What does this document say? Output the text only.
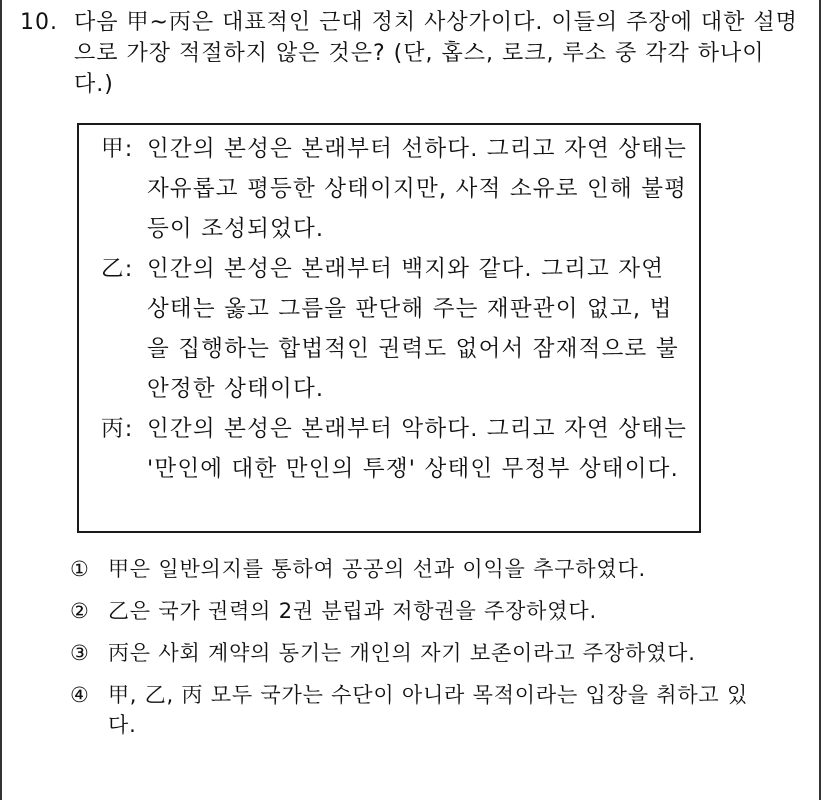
10. 다음 甲~丙은 대표적인 근대 정치 사상가이다. 이들의 주장에 대한 설명으로 가장 적절하지 않은 것은? (단, 홉스, 로크, 루소 중 각각 하나이다.)
甲: 인간의 본성은 본래부터 선하다. 그리고 자연 상태는 자유롭고 평등한 상태이지만, 사적 소유로 인해 불평등이 조성되었다.
乙: 인간의 본성은 본래부터 백지와 같다. 그리고 자연 상태는 옳고 그름을 판단해 주는 재판관이 없고, 법을 집행하는 합법적인 권력도 없어서 잠재적으로 불안정한 상태이다.
丙: 인간의 본성은 본래부터 악하다. 그리고 자연 상태는 '만인에 대한 만인의 투쟁' 상태인 무정부 상태이다.
① 甲은 일반의지를 통하여 공공의 선과 이익을 추구하였다.
② 乙은 국가 권력의 2권 분립과 저항권을 주장하였다.
③ 丙은 사회 계약의 동기는 개인의 자기 보존이라고 주장하였다.
④ 甲, 乙, 丙 모두 국가는 수단이 아니라 목적이라는 입장을 취하고 있다.
